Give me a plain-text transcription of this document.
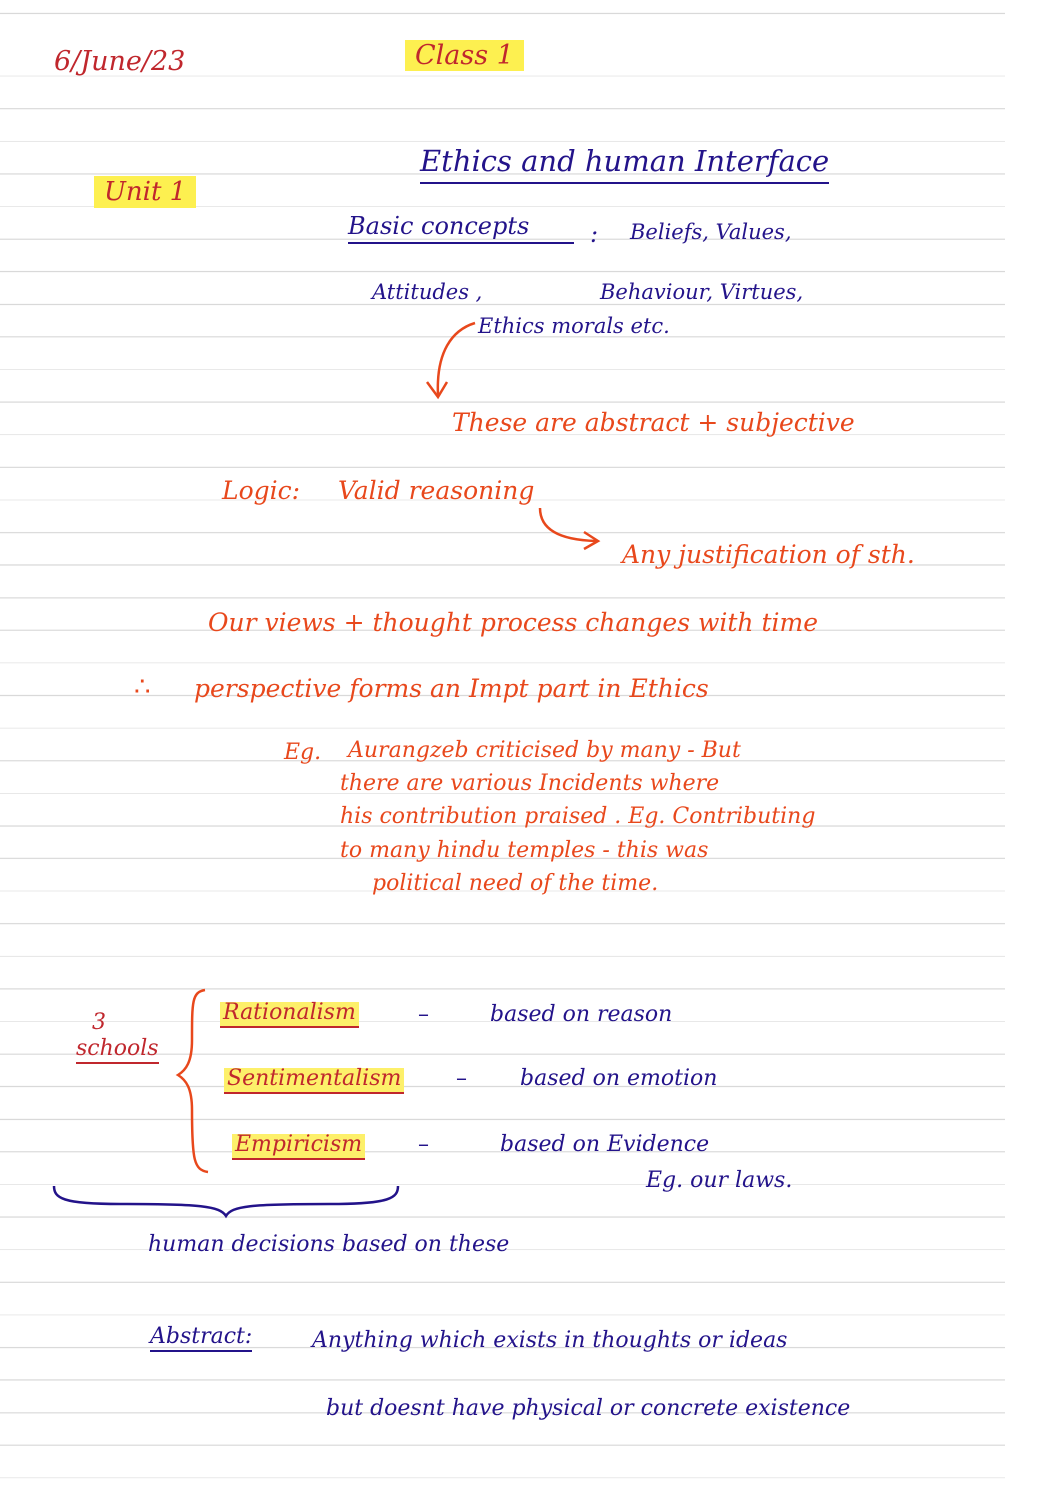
6/June/23	Class 1
Unit 1
Ethics and human Interface
Basic concepts	: Beliefs, Values,
Attitudes ,	Behaviour, Virtues,
Ethics morals etc.
These are abstract + subjective
Logic: Valid reasoning
Any justification of sth.
Our views + thought process changes with time
∴ perspective forms an Impt part in Ethics
Eg. Aurangzeb criticised by many - But
there are various Incidents where
his contribution praised . Eg. Contributing
to many hindu temples - this was
political need of the time.
3
schools
Rationalism	–	based on reason
Sentimentalism – based on emotion
Empiricism	–	based on Evidence
Eg. our laws.
human decisions based on these
Abstract:	Anything which exists in thoughts or ideas
but doesnt have physical or concrete existence
